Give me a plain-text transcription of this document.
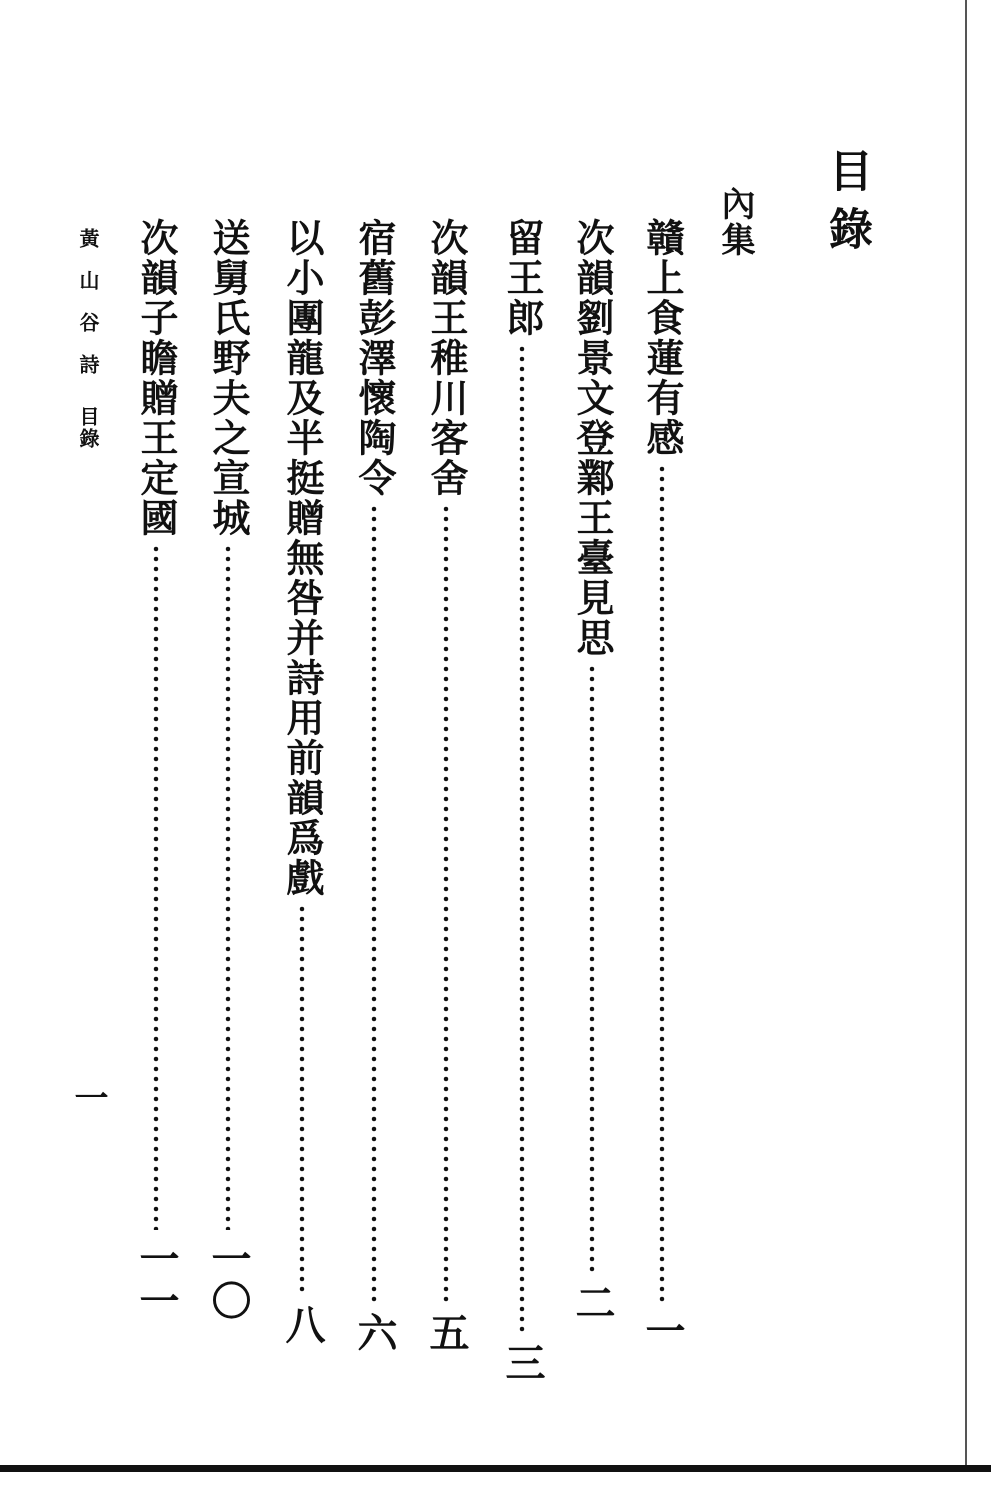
目錄
內集
贛上食蓮有感
一
次韻劉景文登鄴王臺見思
二
留王郎
三
次韻王稚川客舍
五
宿舊彭澤懷陶令
六
以小團龍及半挺贈無咎并詩用前韻爲戲
八
送舅氏野夫之宣城
一〇
次韻子瞻贈王定國
一一
黃山谷詩
目錄
一
